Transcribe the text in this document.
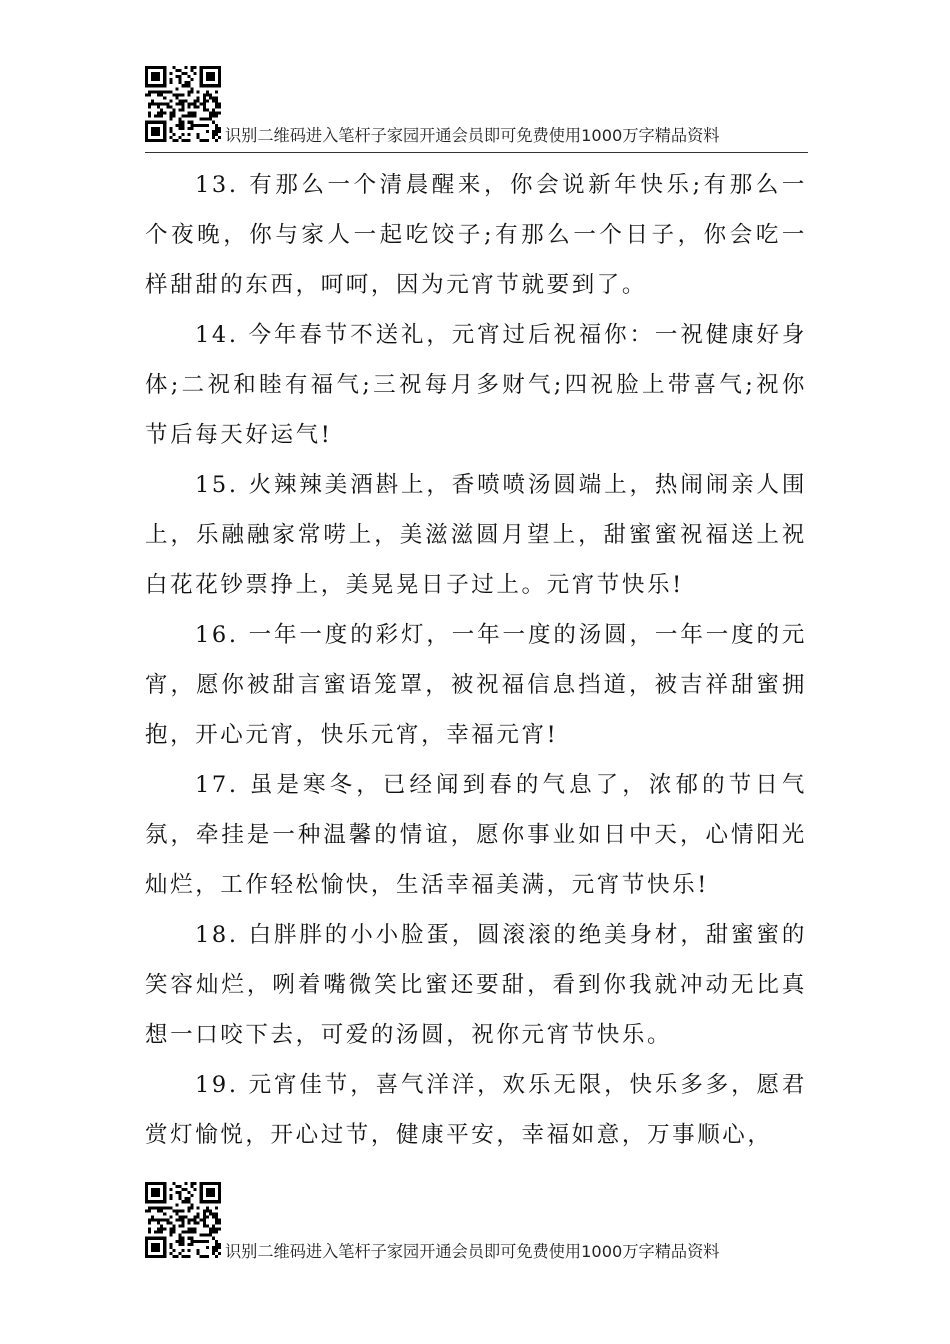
识别二维码进入笔杆子家园开通会员即可免费使用1000万字精品资料

13. 有那么一个清晨醒来，你会说新年快乐;有那么一个夜晚，你与家人一起吃饺子;有那么一个日子，你会吃一样甜甜的东西，呵呵，因为元宵节就要到了。

14. 今年春节不送礼，元宵过后祝福你：一祝健康好身体;二祝和睦有福气;三祝每月多财气;四祝脸上带喜气;祝你节后每天好运气!

15. 火辣辣美酒斟上，香喷喷汤圆端上，热闹闹亲人围上，乐融融家常唠上，美滋滋圆月望上，甜蜜蜜祝福送上祝白花花钞票挣上，美晃晃日子过上。元宵节快乐!

16. 一年一度的彩灯，一年一度的汤圆，一年一度的元宵，愿你被甜言蜜语笼罩，被祝福信息挡道，被吉祥甜蜜拥抱，开心元宵，快乐元宵，幸福元宵!

17. 虽是寒冬，已经闻到春的气息了，浓郁的节日气氛，牵挂是一种温馨的情谊，愿你事业如日中天，心情阳光灿烂，工作轻松愉快，生活幸福美满，元宵节快乐!

18. 白胖胖的小小脸蛋，圆滚滚的绝美身材，甜蜜蜜的笑容灿烂，咧着嘴微笑比蜜还要甜，看到你我就冲动无比真想一口咬下去，可爱的汤圆，祝你元宵节快乐。

19. 元宵佳节，喜气洋洋，欢乐无限，快乐多多，愿君赏灯愉悦，开心过节，健康平安，幸福如意，万事顺心，

识别二维码进入笔杆子家园开通会员即可免费使用1000万字精品资料
